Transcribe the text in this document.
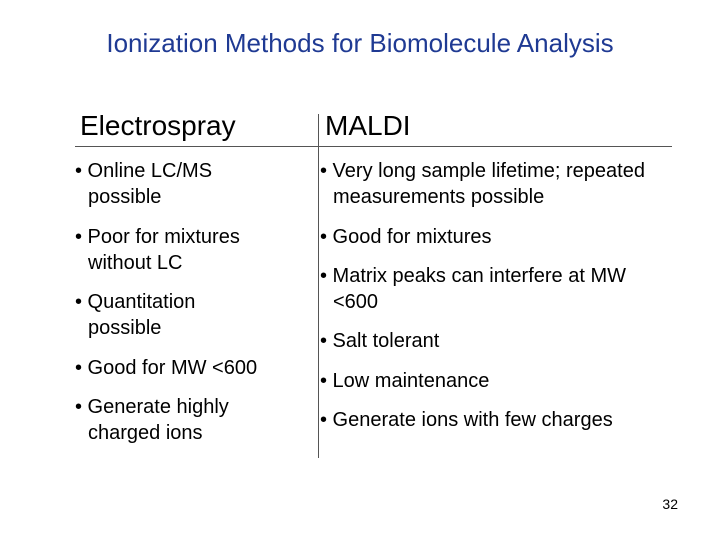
Ionization Methods for Biomolecule Analysis
Electrospray	MALDI
• Online LC/MS
possible
• Poor for mixtures
without LC
• Quantitation
possible
• Good for MW <600
• Generate highly
charged ions
• Very long sample lifetime; repeated
measurements possible
• Good for mixtures
• Matrix peaks can interfere at MW
<600
• Salt tolerant
• Low maintenance
• Generate ions with few charges
32
